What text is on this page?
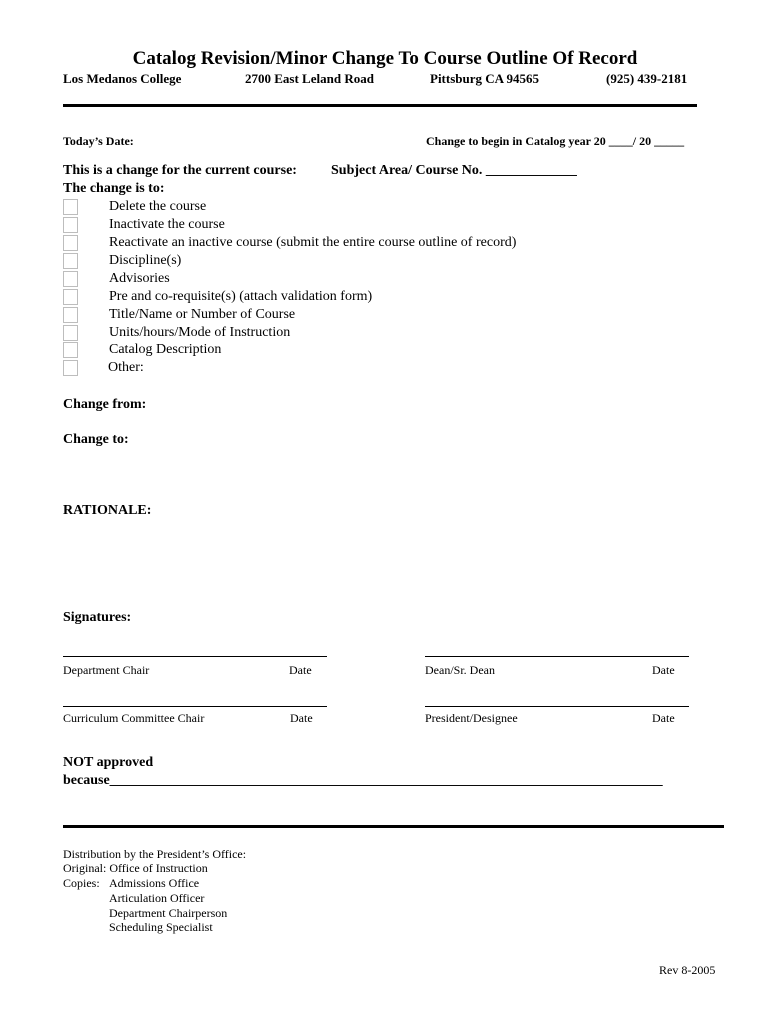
Catalog Revision/Minor Change To Course Outline Of Record
Los Medanos College	2700 East Leland Road	Pittsburg CA 94565	(925) 439-2181
Today’s Date:	Change to begin in Catalog year 20 ____/ 20 _____
This is a change for the current course: Subject Area/ Course No. _____________
The change is to:
Delete the course
Inactivate the course
Reactivate an inactive course (submit the entire course outline of record)
Discipline(s)
Advisories
Pre and co-requisite(s) (attach validation form)
Title/Name or Number of Course
Units/hours/Mode of Instruction
Catalog Description
Other:
Change from:
Change to:
RATIONALE:
Signatures:
Department Chair	Date	Dean/Sr. Dean	Date
Curriculum Committee Chair	Date	President/Designee	Date
NOT approved
because_______________________________________________________________________________
Distribution by the President’s Office:
Original: Office of Instruction
Copies: Admissions Office
Articulation Officer
Department Chairperson
Scheduling Specialist
Rev 8-2005
